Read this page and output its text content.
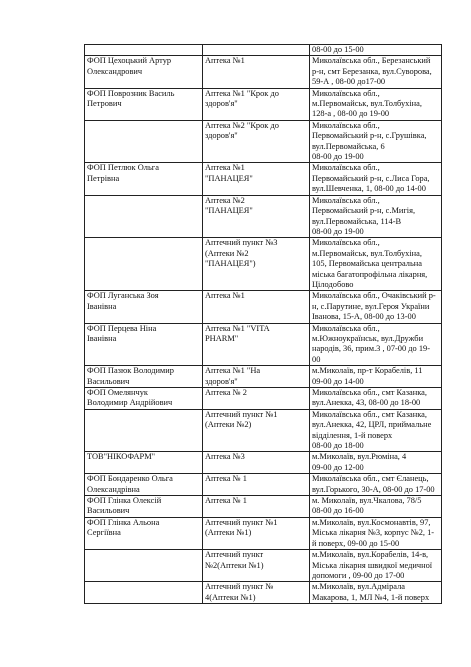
		08-00 до 15-00

ФОП Цехоцький Артур
Олександрович	Аптека №1	Миколаївська обл., Березанський
р-н, смт Березанка, вул.Суворова,
59-А , 08-00 до17-00

ФОП Поврозник Василь
Петрович	Аптека №1 "Крок до
здоров'я"	Миколаївська обл.,
м.Первомайськ, вул.Толбухіна,
128-а , 08-00 до 19-00

	Аптека №2 "Крок до
здоров'я"	Миколаївська обл.,
Первомайський р-н, с.Грушівка,
вул.Первомайська, 6
08-00 до 19-00

ФОП Петлюк Ольга
Петрівна	Аптека №1
"ПАНАЦЕЯ"	Миколаївська обл.,
Первомайський р-н, с.Лиса Гора,
вул.Шевченка, 1, 08-00 до 14-00

	Аптека №2
"ПАНАЦЕЯ"	Миколаївська обл.,
Первомайський р-н, с.Мигія,
вул.Первомайська, 114-В
08-00 до 19-00

	Аптечний пункт №3
(Аптеки №2
"ПАНАЦЕЯ")	Миколаївська обл.,
м.Первомайськ, вул.Толбухіна,
105, Первомайська центральна
міська багатопрофільна лікарня,
Цілодобово

ФОП Луганська Зоя
Іванівна	Аптека №1	Миколаївська обл., Очаківський р-
н, с.Парутине, вул.Героя України
Іванова, 15-А, 08-00 до 13-00

ФОП Перцева Ніна
Іванівна	Аптека №1 "VITA
PHARM"	Миколаївська обл.,
м.Южноукраїнськ, вул.Дружби
народів, 36, прим.3 , 07-00 до 19-
00

ФОП Пазюк Володимир
Васильович	Аптека №1 "На
здоров'я"	м.Миколаїв, пр-т Корабелів, 11
09-00 до 14-00

ФОП Омелянчук
Володимир Андрійович	Аптека № 2	Миколаївська обл., смт Казанка,
вул.Анекка, 43, 08-00 до 18-00

	Аптечний пункт №1
(Аптеки №2)	Миколаївська обл., смт Казанка,
вул.Анекка, 42, ЦРЛ, приймальне
відділення, 1-й поверх
08-00 до 18-00

ТОВ"НІКОФАРМ"	Аптека №3	м.Миколаїв, вул.Рюміна, 4
09-00 до 12-00

ФОП Бондаренко Ольга
Олександрівна	Аптека № 1	Миколаївська обл., смт Єланець,
вул.Горького, 30-А, 08-00 до 17-00

ФОП Глінка Олексій
Васильович	Аптека № 1	м. Миколаїв, вул.Чкалова, 78/5
08-00 до 16-00

ФОП Глінка Альона
Сергіївна	Аптечний пункт №1
(Аптеки №1)	м.Миколаїв, вул.Космонавтів, 97,
Міська лікарня №3, корпус №2, 1-
й поверх, 09-00 до 15-00

	Аптечний пункт
№2(Аптеки №1)	м.Миколаїв, вул.Корабелів, 14-в,
Міська лікарня швидкої медичної
допомоги , 09-00 до 17-00

	Аптечний пункт №
4(Аптеки №1)	м.Миколаїв, вул.Адмірала
Макарова, 1, МЛ №4, 1-й поверх
